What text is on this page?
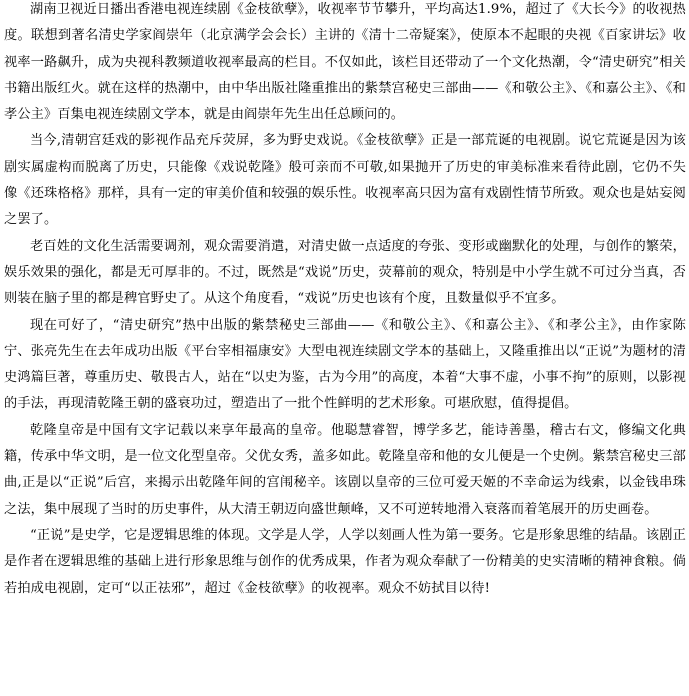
湖南卫视近日播出香港电视连续剧《金枝欲孽》，收视率节节攀升，平均高达1.9%，超过了《大长今》的收视热度。联想到著名清史学家阎崇年（北京满学会会长）主讲的《清十二帝疑案》，使原本不起眼的央视《百家讲坛》收视率一路飙升，成为央视科教频道收视率最高的栏目。不仅如此，该栏目还带动了一个文化热潮，令“清史研究”相关书籍出版红火。就在这样的热潮中，由中华出版社隆重推出的紫禁宫秘史三部曲——《和敬公主》、《和嘉公主》、《和孝公主》百集电视连续剧文学本，就是由阎崇年先生出任总顾问的。

当今,清朝宫廷戏的影视作品充斥荧屏，多为野史戏说。《金枝欲孽》正是一部荒诞的电视剧。说它荒诞是因为该剧实属虚构而脱离了历史，只能像《戏说乾隆》般可亲而不可敬,如果抛开了历史的审美标准来看待此剧，它仍不失像《还珠格格》那样，具有一定的审美价值和较强的娱乐性。收视率高只因为富有戏剧性情节所致。观众也是姑妄阅之罢了。

老百姓的文化生活需要调剂，观众需要消遣，对清史做一点适度的夸张、变形或幽默化的处理，与创作的繁荣，娱乐效果的强化，都是无可厚非的。不过，既然是“戏说”历史，荧幕前的观众，特别是中小学生就不可过分当真，否则装在脑子里的都是稗官野史了。从这个角度看，“戏说”历史也该有个度，且数量似乎不宜多。

现在可好了，“清史研究”热中出版的紫禁秘史三部曲——《和敬公主》、《和嘉公主》、《和孝公主》，由作家陈宁、张亮先生在去年成功出版《平台宰相福康安》大型电视连续剧文学本的基础上，又隆重推出以“正说”为题材的清史鸿篇巨著，尊重历史、敬畏古人，站在“以史为鉴，古为今用”的高度，本着“大事不虚，小事不拘”的原则，以影视的手法，再现清乾隆王朝的盛衰功过，塑造出了一批个性鲜明的艺术形象。可堪欣慰，值得提倡。

乾隆皇帝是中国有文字记载以来享年最高的皇帝。他聪慧睿智，博学多艺，能诗善墨，稽古右文，修编文化典籍，传承中华文明，是一位文化型皇帝。父优女秀，盖多如此。乾隆皇帝和他的女儿便是一个史例。紫禁宫秘史三部曲,正是以“正说”后宫，来揭示出乾隆年间的宫闱秘辛。该剧以皇帝的三位可爱天姬的不幸命运为线索，以金钱串珠之法，集中展现了当时的历史事件，从大清王朝迈向盛世颠峰，又不可逆转地滑入衰落而着笔展开的历史画卷。

“正说”是史学，它是逻辑思维的体现。文学是人学，人学以刻画人性为第一要务。它是形象思维的结晶。该剧正是作者在逻辑思维的基础上进行形象思维与创作的优秀成果，作者为观众奉献了一份精美的史实清晰的精神食粮。倘若拍成电视剧，定可“以正祛邪”，超过《金枝欲孽》的收视率。观众不妨拭目以待!
